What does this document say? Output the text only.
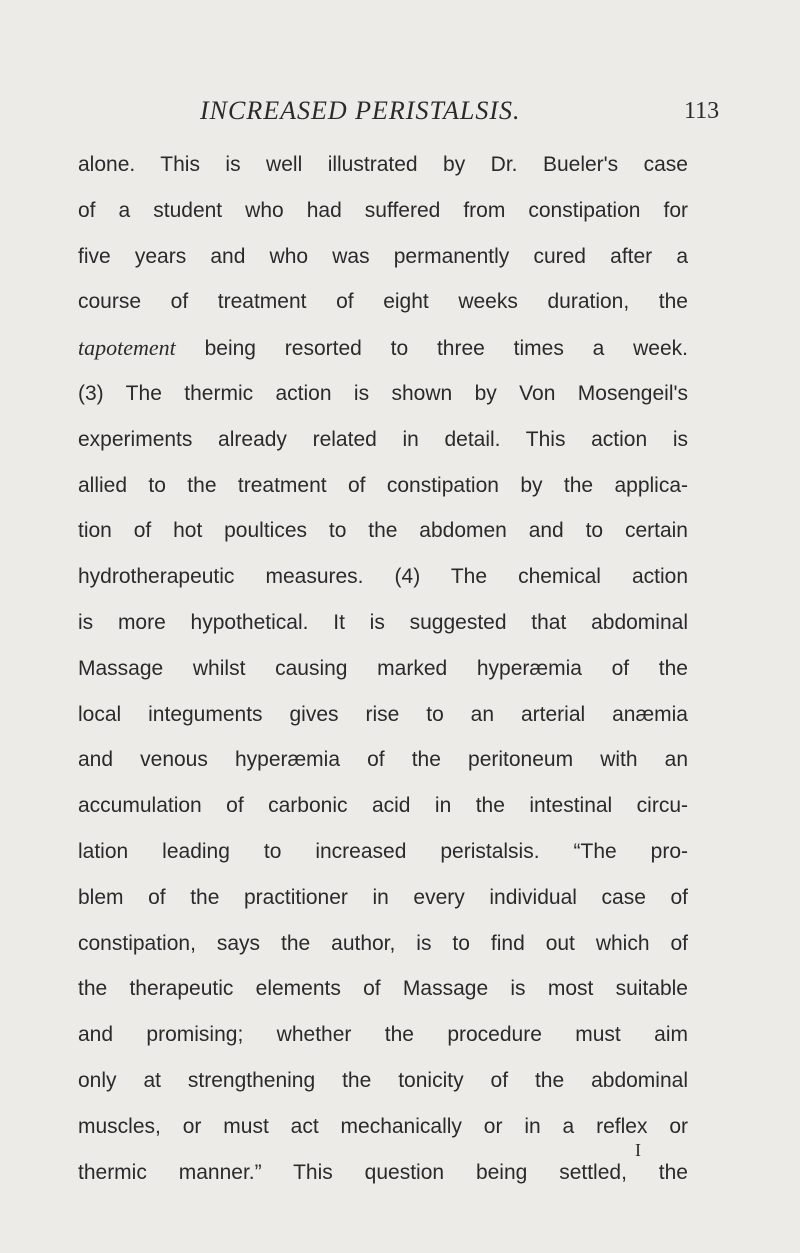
INCREASED PERISTALSIS.	113
alone. This is well illustrated by Dr. Bueler's case
of a student who had suffered from constipation for
five years and who was permanently cured after a
course of treatment of eight weeks duration, the
tapotement being resorted to three times a week.
(3) The thermic action is shown by Von Mosengeil's
experiments already related in detail. This action is
allied to the treatment of constipation by the applica-
tion of hot poultices to the abdomen and to certain
hydrotherapeutic measures. (4) The chemical action
is more hypothetical. It is suggested that abdominal
Massage whilst causing marked hyperæmia of the
local integuments gives rise to an arterial anæmia
and venous hyperæmia of the peritoneum with an
accumulation of carbonic acid in the intestinal circu-
lation leading to increased peristalsis. “The pro-
blem of the practitioner in every individual case of
constipation, says the author, is to find out which of
the therapeutic elements of Massage is most suitable
and promising; whether the procedure must aim
only at strengthening the tonicity of the abdominal
muscles, or must act mechanically or in a reflex or
thermic manner.” This question being settled, the
I
